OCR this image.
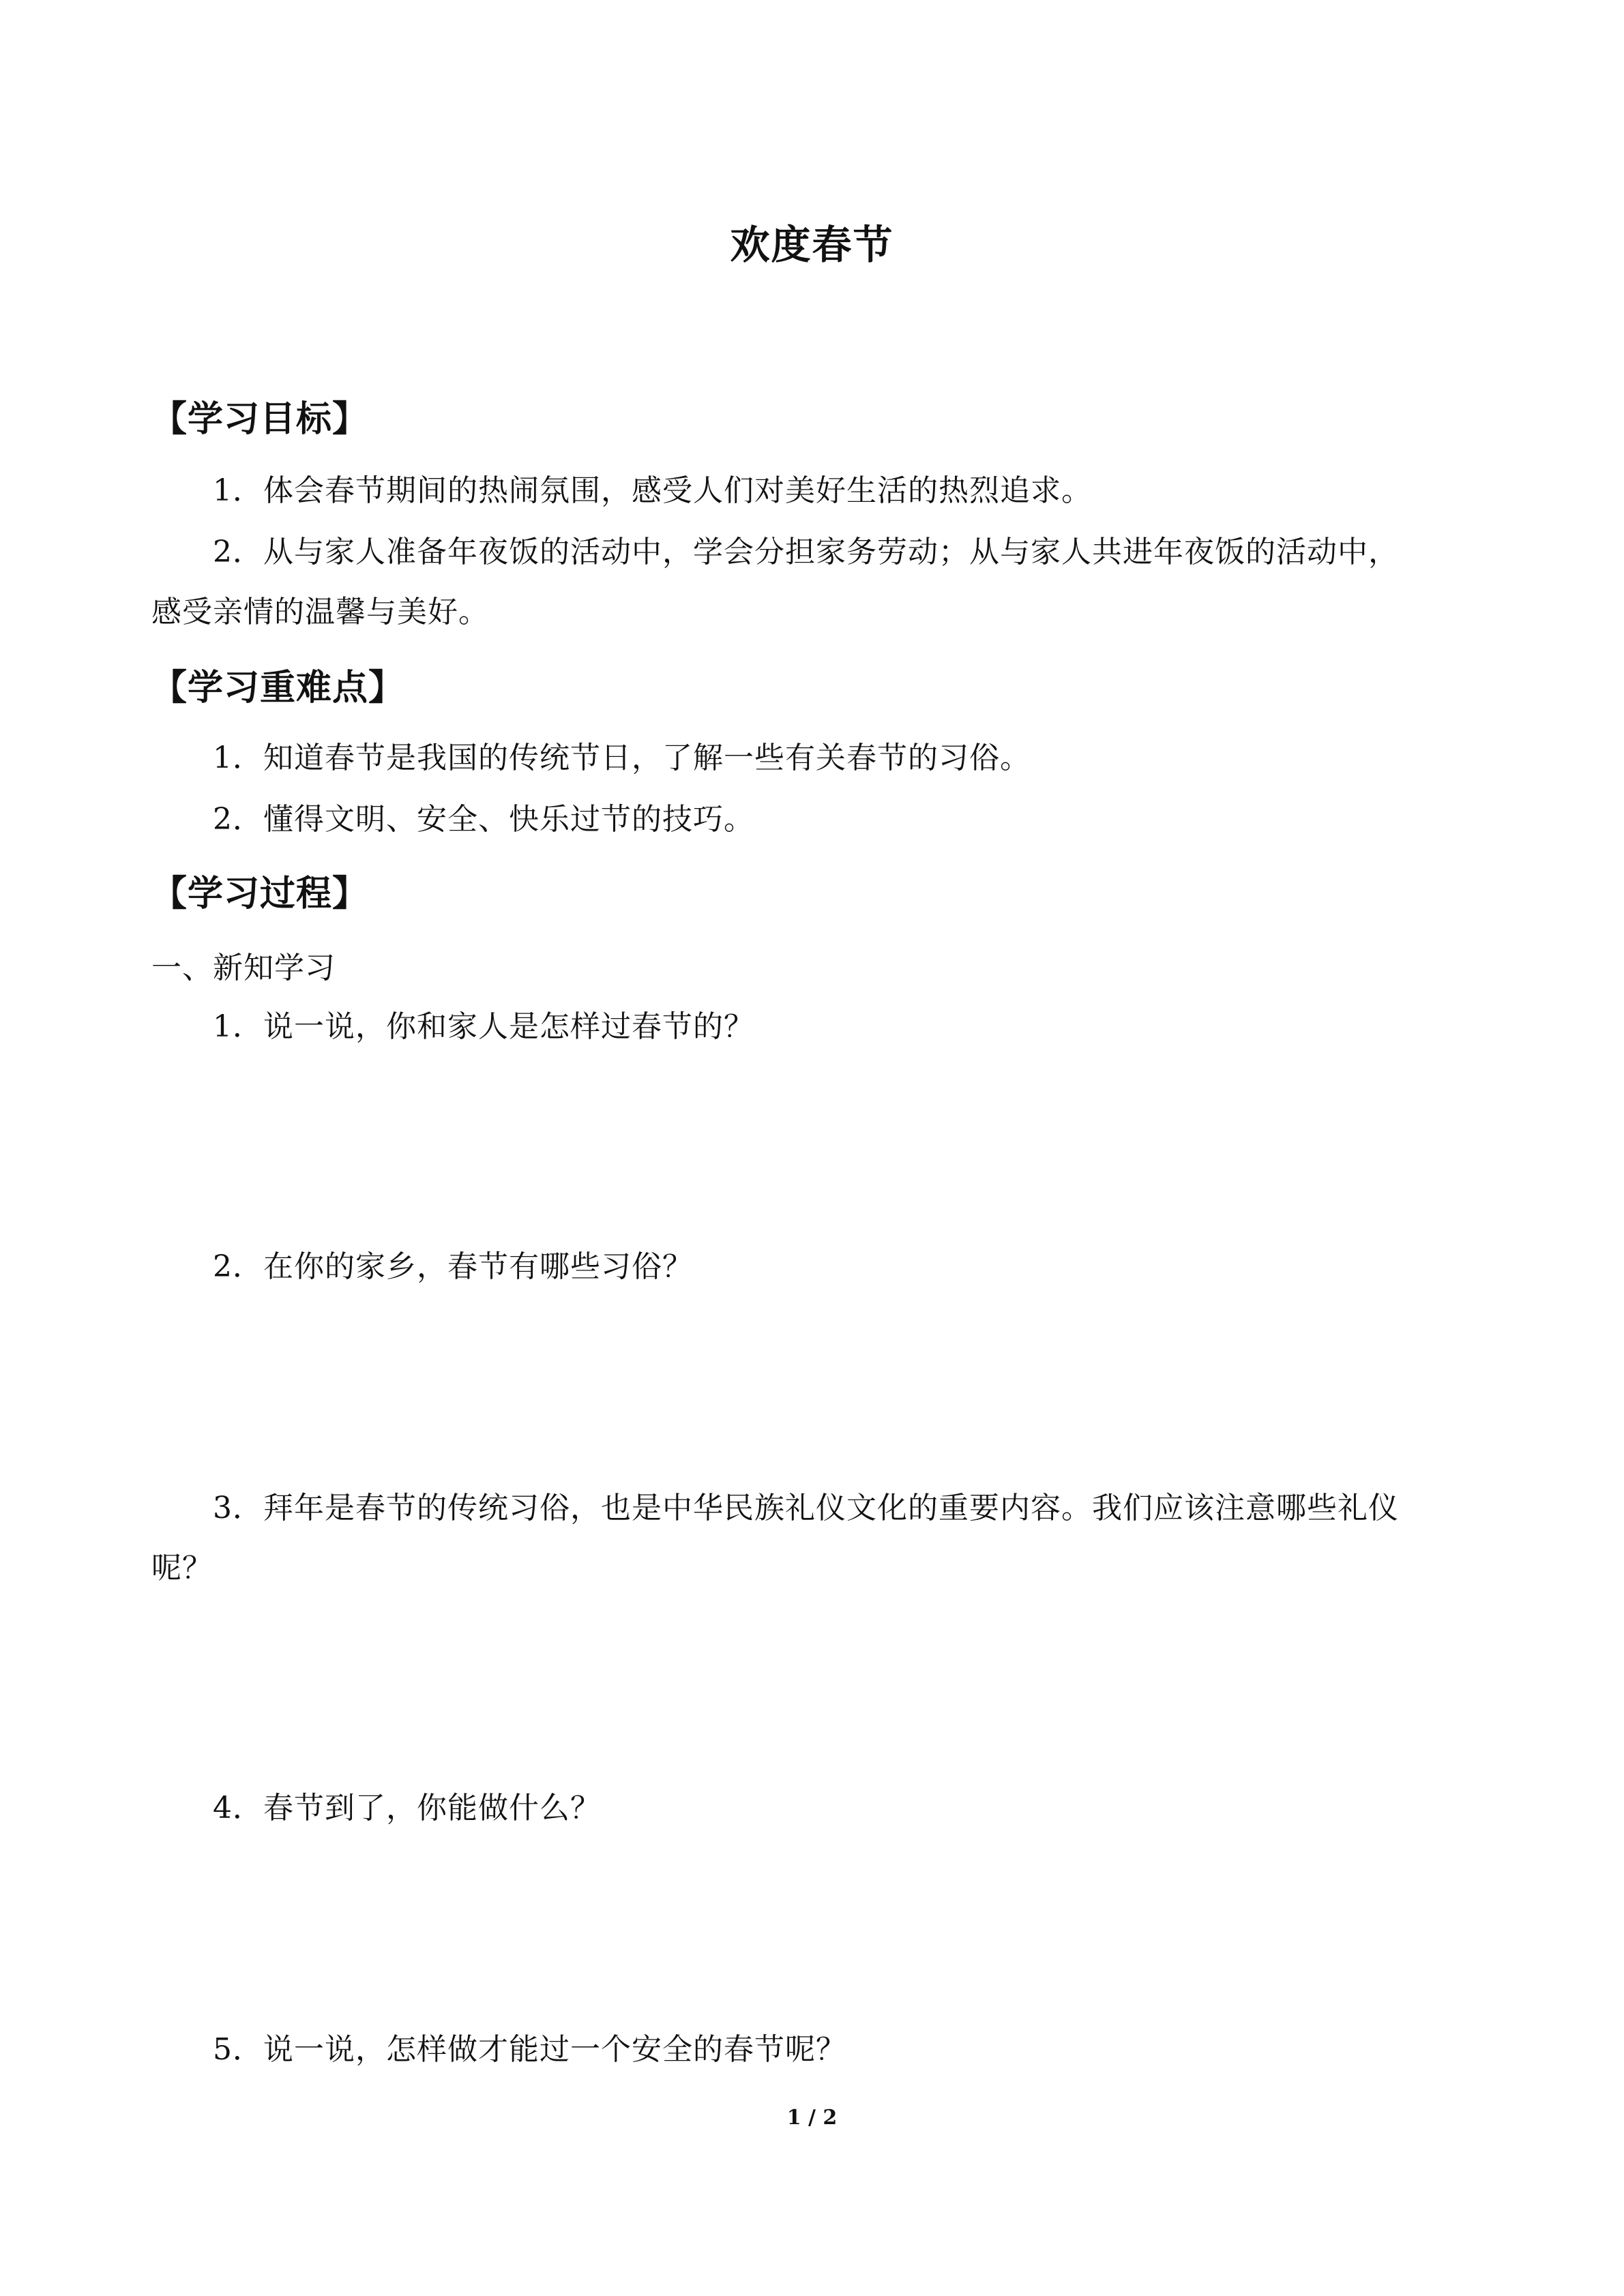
欢度春节
【学习目标】
1．体会春节期间的热闹氛围，感受人们对美好生活的热烈追求。
2．从与家人准备年夜饭的活动中，学会分担家务劳动；从与家人共进年夜饭的活动中，
感受亲情的温馨与美好。
【学习重难点】
1．知道春节是我国的传统节日，了解一些有关春节的习俗。
2．懂得文明、安全、快乐过节的技巧。
【学习过程】
一、新知学习
1．说一说，你和家人是怎样过春节的？
2．在你的家乡，春节有哪些习俗？
3．拜年是春节的传统习俗，也是中华民族礼仪文化的重要内容。我们应该注意哪些礼仪
呢？
4．春节到了，你能做什么？
5．说一说，怎样做才能过一个安全的春节呢？
1 / 2
